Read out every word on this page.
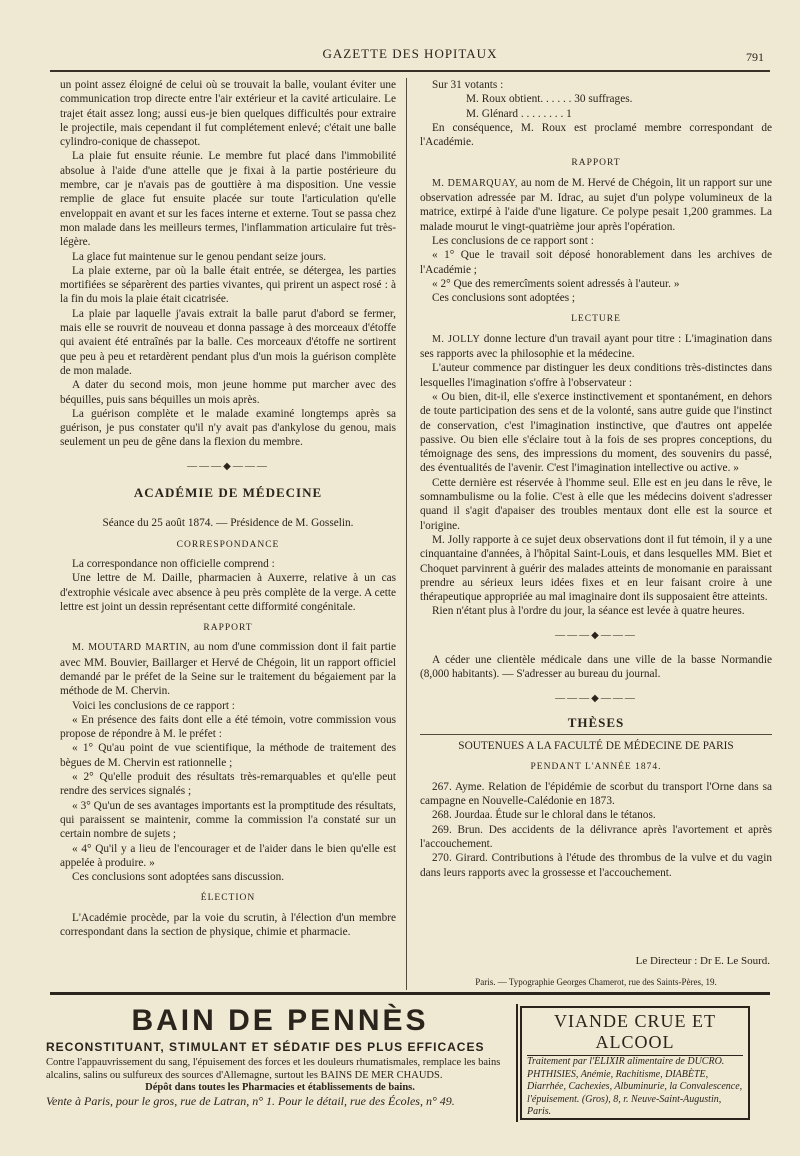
GAZETTE DES HOPITAUX	791

un point assez éloigné de celui où se trouvait la balle, voulant éviter une communication trop directe entre l'air extérieur et la cavité articulaire. Le trajet était assez long; aussi eus-je bien quelques difficultés pour extraire le projectile, mais cependant il fut complétement enlevé; c'était une balle cylindro-conique de chassepot.

La plaie fut ensuite réunie. Le membre fut placé dans l'immobilité absolue à l'aide d'une attelle que je fixai à la partie postérieure du membre, car je n'avais pas de gouttière à ma disposition. Une vessie remplie de glace fut ensuite placée sur toute l'articulation qu'elle enveloppait en avant et sur les faces interne et externe. Tout se passa chez mon malade dans les meilleurs termes, l'inflammation articulaire fut très-légère.

La glace fut maintenue sur le genou pendant seize jours.

La plaie externe, par où la balle était entrée, se détergea, les parties mortifiées se séparèrent des parties vivantes, qui prirent un aspect rosé : à la fin du mois la plaie était cicatrisée.

La plaie par laquelle j'avais extrait la balle parut d'abord se fermer, mais elle se rouvrit de nouveau et donna passage à des morceaux d'étoffe qui avaient été entraînés par la balle. Ces morceaux d'étoffe ne sortirent que peu à peu et retardèrent pendant plus d'un mois la guérison complète de mon malade.

A dater du second mois, mon jeune homme put marcher avec des béquilles, puis sans béquilles un mois après.

La guérison complète et le malade examiné longtemps après sa guérison, je pus constater qu'il n'y avait pas d'ankylose du genou, mais seulement un peu de gêne dans la flexion du membre.

———◆———
ACADÉMIE DE MÉDECINE

Séance du 25 août 1874. — Présidence de M. Gosselin.

CORRESPONDANCE

La correspondance non officielle comprend :

Une lettre de M. Daille, pharmacien à Auxerre, relative à un cas d'extrophie vésicale avec absence à peu près complète de la verge. A cette lettre est joint un dessin représentant cette difformité congénitale.

RAPPORT

M. MOUTARD MARTIN, au nom d'une commission dont il fait partie avec MM. Bouvier, Baillarger et Hervé de Chégoin, lit un rapport officiel demandé par le préfet de la Seine sur le traitement du bégaiement par la méthode de M. Chervin.

Voici les conclusions de ce rapport :

« En présence des faits dont elle a été témoin, votre commission vous propose de répondre à M. le préfet :

« 1° Qu'au point de vue scientifique, la méthode de traitement des bègues de M. Chervin est rationnelle ;

« 2° Qu'elle produit des résultats très-remarquables et qu'elle peut rendre des services signalés ;

« 3° Qu'un de ses avantages importants est la promptitude des résultats, qui paraissent se maintenir, comme la commission l'a constaté sur un certain nombre de sujets ;

« 4° Qu'il y a lieu de l'encourager et de l'aider dans le bien qu'elle est appelée à produire. »

Ces conclusions sont adoptées sans discussion.

ÉLECTION

L'Académie procède, par la voie du scrutin, à l'élection d'un membre correspondant dans la section de physique, chimie et pharmacie.

Sur 31 votants :

M. Roux obtient. . . . . . 30 suffrages.
M. Glénard . . . . . . . . 1

En conséquence, M. Roux est proclamé membre correspondant de l'Académie.

RAPPORT

M. DEMARQUAY, au nom de M. Hervé de Chégoin, lit un rapport sur une observation adressée par M. Idrac, au sujet d'un polype volumineux de la matrice, extirpé à l'aide d'une ligature. Ce polype pesait 1,200 grammes. La malade mourut le vingt-quatrième jour après l'opération.

Les conclusions de ce rapport sont :

« 1° Que le travail soit déposé honorablement dans les archives de l'Académie ;

« 2° Que des remercîments soient adressés à l'auteur. »

Ces conclusions sont adoptées ;

LECTURE

M. JOLLY donne lecture d'un travail ayant pour titre : L'imagination dans ses rapports avec la philosophie et la médecine.

L'auteur commence par distinguer les deux conditions très-distinctes dans lesquelles l'imagination s'offre à l'observateur :

« Ou bien, dit-il, elle s'exerce instinctivement et spontanément, en dehors de toute participation des sens et de la volonté, sans autre guide que l'instinct de conservation, c'est l'imagination instinctive, que d'autres ont appelée passive. Ou bien elle s'éclaire tout à la fois de ses propres conceptions, du témoignage des sens, des impressions du moment, des souvenirs du passé, des éventualités de l'avenir. C'est l'imagination intellective ou active. »

Cette dernière est réservée à l'homme seul. Elle est en jeu dans le rêve, le somnambulisme ou la folie. C'est à elle que les médecins doivent s'adresser quand il s'agit d'apaiser des troubles mentaux dont elle est la source et l'origine.

M. Jolly rapporte à ce sujet deux observations dont il fut témoin, il y a une cinquantaine d'années, à l'hôpital Saint-Louis, et dans lesquelles MM. Biet et Choquet parvinrent à guérir des malades atteints de monomanie en paraissant prendre au sérieux leurs idées fixes et en leur faisant croire à une thérapeutique appropriée au mal imaginaire dont ils supposaient être atteints.

Rien n'étant plus à l'ordre du jour, la séance est levée à quatre heures.

———◆———

A céder une clientèle médicale dans une ville de la basse Normandie (8,000 habitants). — S'adresser au bureau du journal.

———◆———
THÈSES

SOUTENUES A LA FACULTÉ DE MÉDECINE DE PARIS

PENDANT L'ANNÉE 1874.

267. Ayme. Relation de l'épidémie de scorbut du transport l'Orne dans sa campagne en Nouvelle-Calédonie en 1873.

268. Jourdaa. Étude sur le chloral dans le tétanos.

269. Brun. Des accidents de la délivrance après l'avortement et après l'accouchement.

270. Girard. Contributions à l'étude des thrombus de la vulve et du vagin dans leurs rapports avec la grossesse et l'accouchement.

Le Directeur : Dr E. Le Sourd.
Paris. — Typographie Georges Chamerot, rue des Saints-Pères, 19.
BAIN DE PENNÈS
RECONSTITUANT, STIMULANT ET SÉDATIF DES PLUS EFFICACES
Contre l'appauvrissement du sang, l'épuisement des forces et les douleurs rhumatismales, remplace les bains alcalins, salins ou sulfureux des sources d'Allemagne, surtout les BAINS DE MER CHAUDS.
Dépôt dans toutes les Pharmacies et établissements de bains.
Vente à Paris, pour le gros, rue de Latran, n° 1. Pour le détail, rue des Écoles, n° 49.
VIANDE CRUE ET ALCOOL
Traitement par l'ÉLIXIR alimentaire de DUCRO. PHTHISIES, Anémie, Rachitisme, DIABÈTE, Diarrhée, Cachexies, Albuminurie, la Convalescence, l'épuisement. (Gros), 8, r. Neuve-Saint-Augustin, Paris.
